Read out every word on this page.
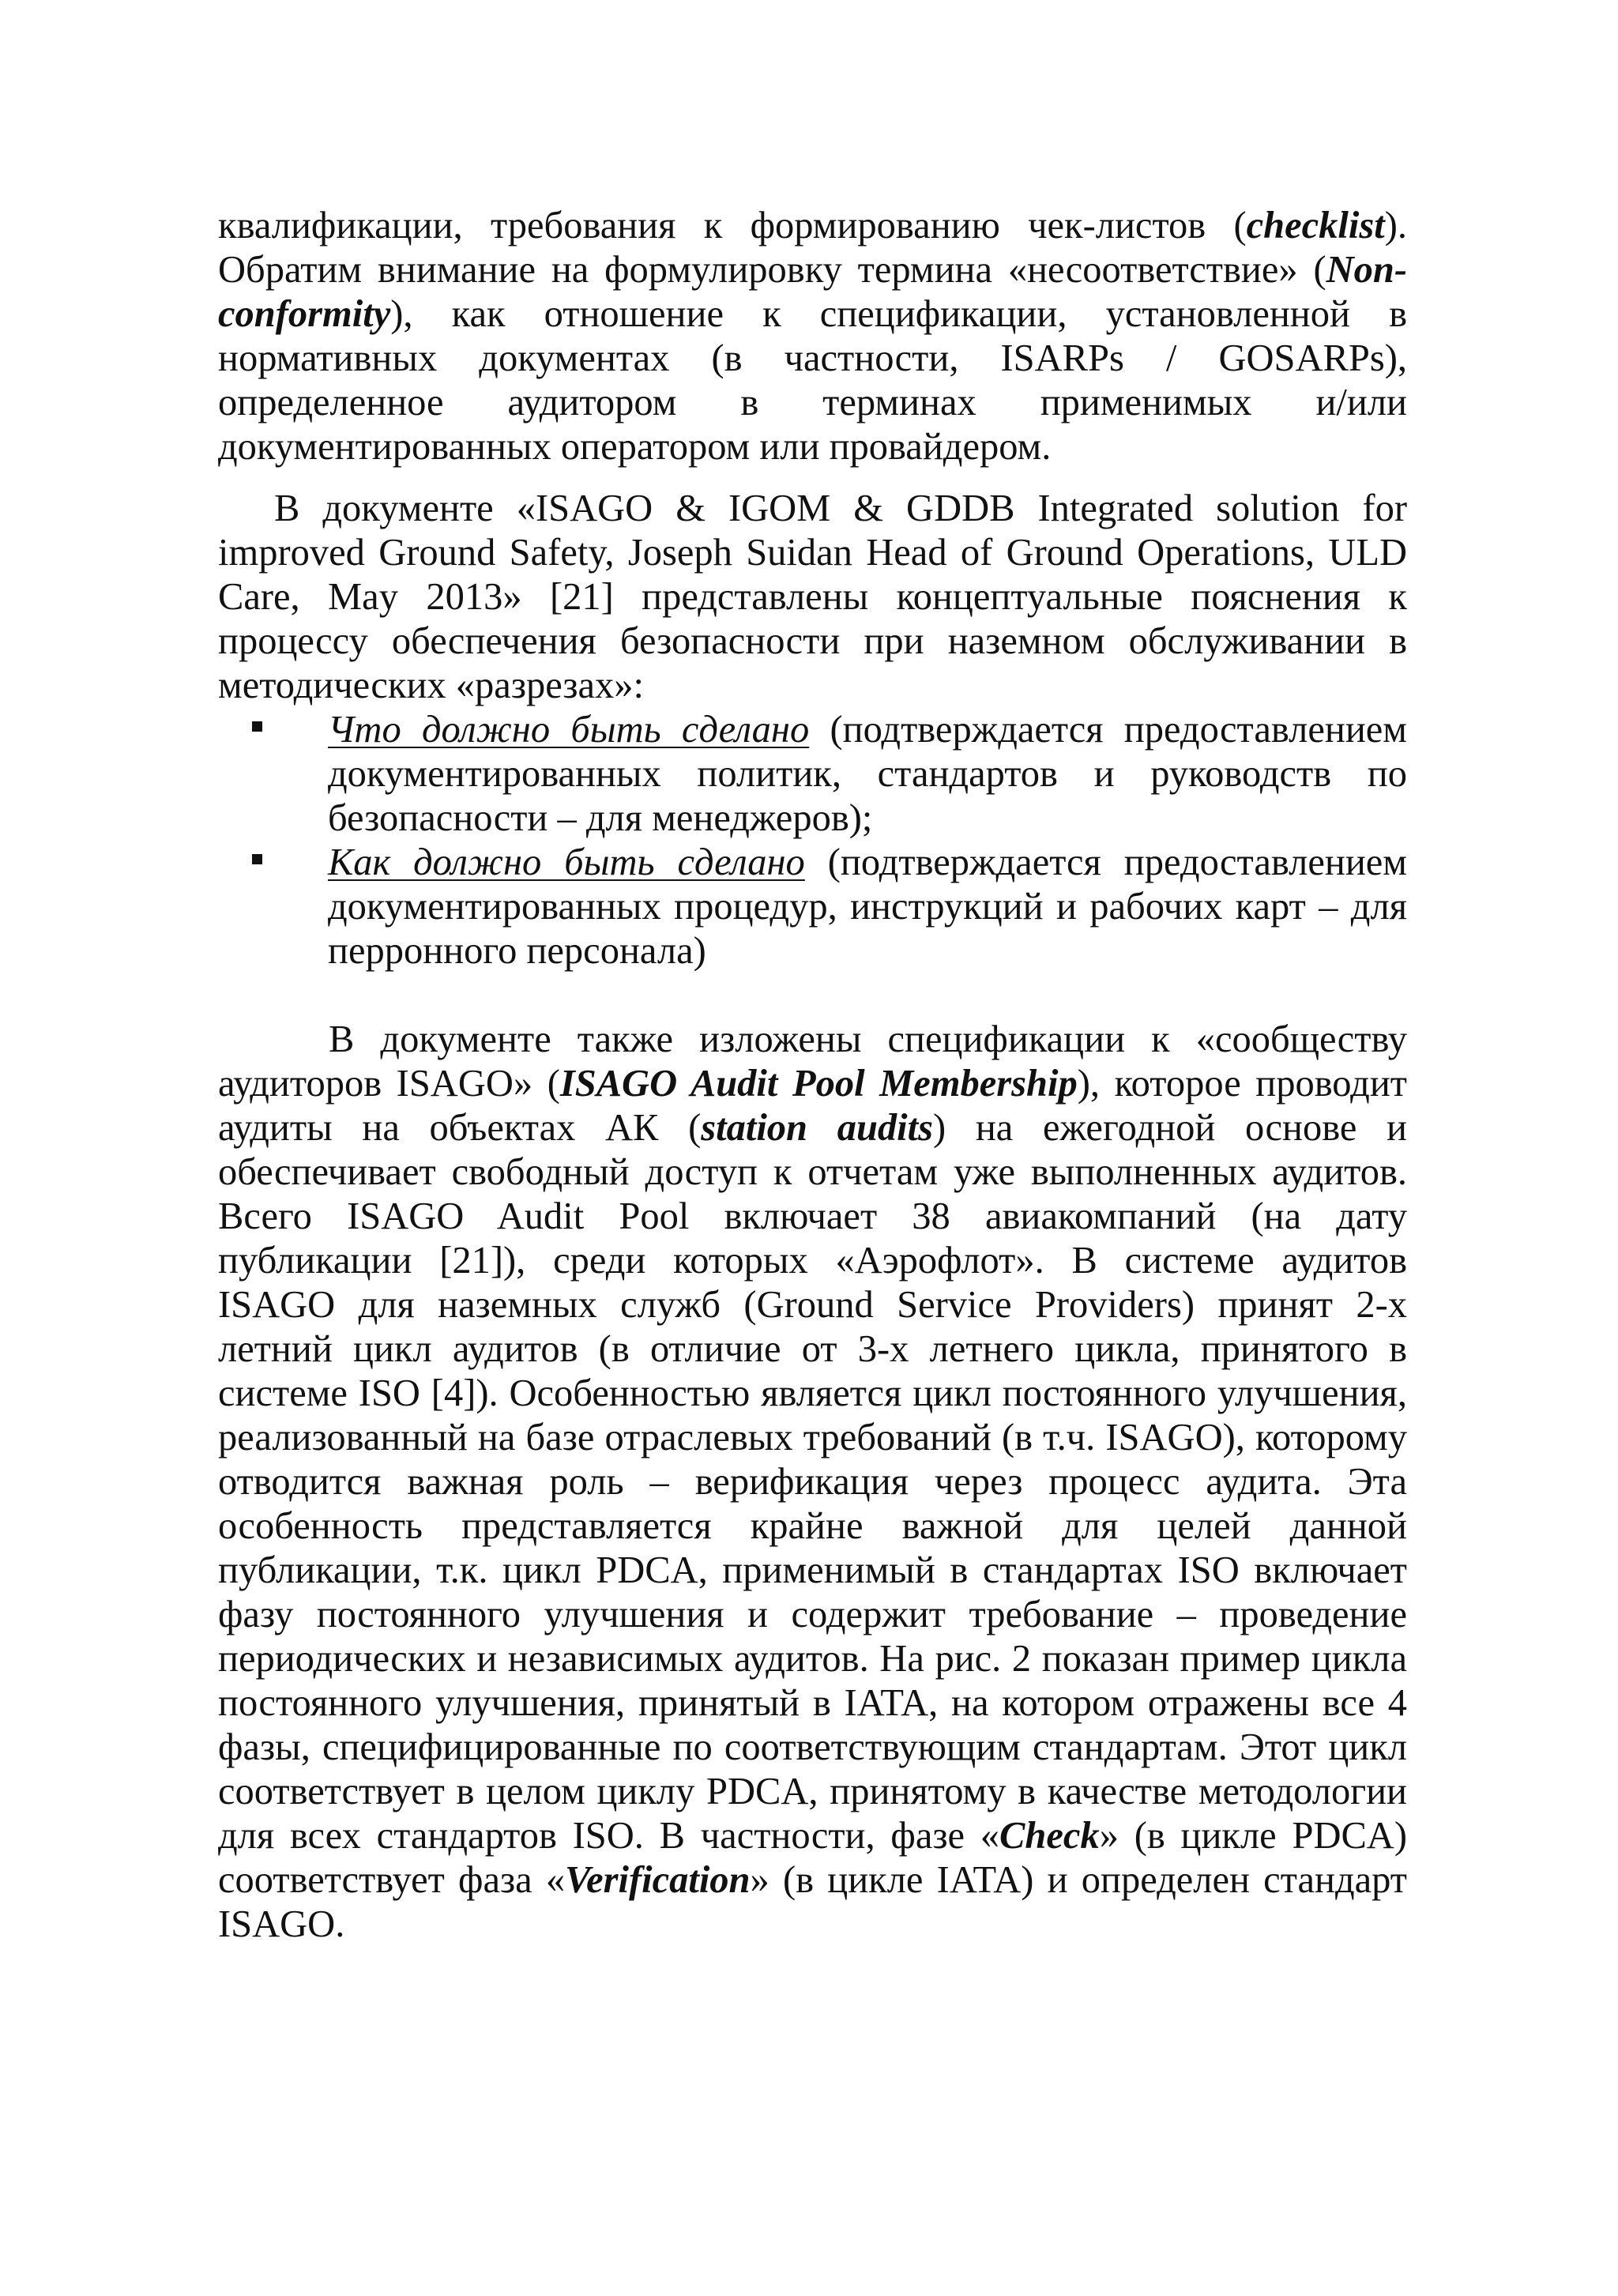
квалификации, требования к формированию чек-листов (checklist). Обратим внимание на формулировку термина «несоответствие» (Non-conformity), как отношение к спецификации, установленной в нормативных документах (в частности, ISARPs / GOSARPs), определенное аудитором в терминах применимых и/или документированных оператором или провайдером.

В документе «ISAGO & IGOM & GDDB Integrated solution for improved Ground Safety, Joseph Suidan Head of Ground Operations, ULD Care, May 2013» [21] представлены концептуальные пояснения к процессу обеспечения безопасности при наземном обслуживании в методических «разрезах»:

Что должно быть сделано (подтверждается предоставлением документированных политик, стандартов и руководств по безопасности – для менеджеров);
Как должно быть сделано (подтверждается предоставлением документированных процедур, инструкций и рабочих карт – для перронного персонала)

В документе также изложены спецификации к «сообществу аудиторов ISAGO» (ISAGO Audit Pool Membership), которое проводит аудиты на объектах АК (station audits) на ежегодной основе и обеспечивает свободный доступ к отчетам уже выполненных аудитов. Всего ISAGO Audit Pool включает 38 авиакомпаний (на дату публикации [21]), среди которых «Аэрофлот». В системе аудитов ISAGO для наземных служб (Ground Service Providers) принят 2-х летний цикл аудитов (в отличие от 3-х летнего цикла, принятого в системе ISO [4]). Особенностью является цикл постоянного улучшения, реализованный на базе отраслевых требований (в т.ч. ISAGO), которому отводится важная роль – верификация через процесс аудита. Эта особенность представляется крайне важной для целей данной публикации, т.к. цикл PDCA, применимый в стандартах ISO включает фазу постоянного улучшения и содержит требование – проведение периодических и независимых аудитов. На рис. 2 показан пример цикла постоянного улучшения, принятый в IATA, на котором отражены все 4 фазы, специфицированные по соответствующим стандартам. Этот цикл соответствует в целом циклу PDCA, принятому в качестве методологии для всех стандартов ISO. В частности, фазе «Check» (в цикле PDCA) соответствует фаза «Verification» (в цикле IATA) и определен стандарт ISAGO.
